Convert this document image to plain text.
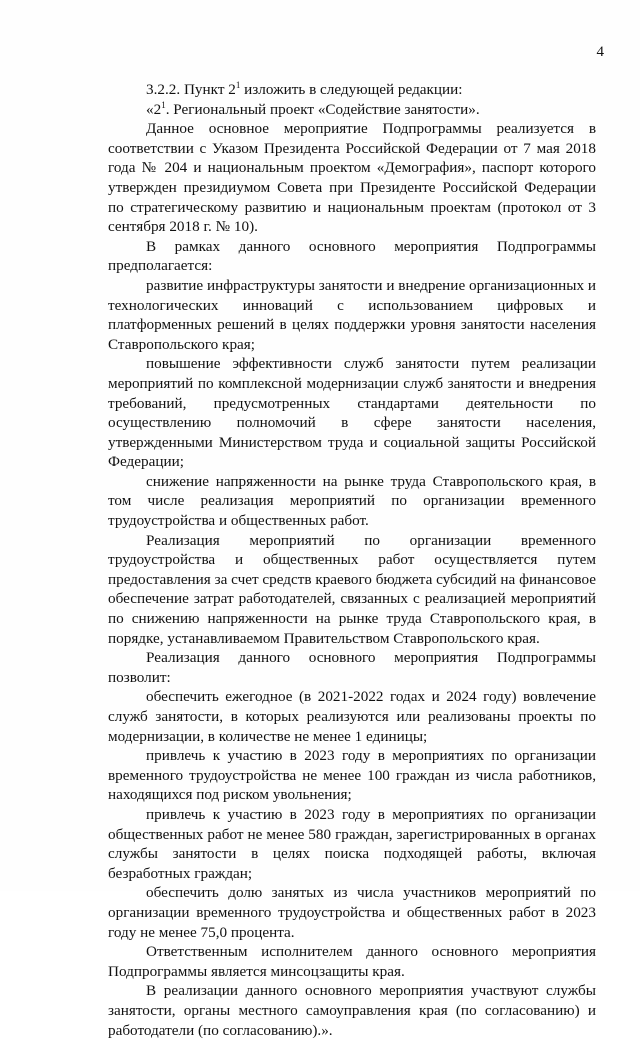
4

3.2.2. Пункт $2^1$ изложить в следующей редакции:

«$2^1$. Региональный проект «Содействие занятости».

Данное основное мероприятие Подпрограммы реализуется в соответствии с Указом Президента Российской Федерации от 7 мая 2018 года № 204 и национальным проектом «Демография», паспорт которого утвержден президиумом Совета при Президенте Российской Федерации по стратегическому развитию и национальным проектам (протокол от 3 сентября 2018 г. № 10).

В рамках данного основного мероприятия Подпрограммы предполагается:

развитие инфраструктуры занятости и внедрение организационных и технологических инноваций с использованием цифровых и платформенных решений в целях поддержки уровня занятости населения Ставропольского края;

повышение эффективности служб занятости путем реализации мероприятий по комплексной модернизации служб занятости и внедрения требований, предусмотренных стандартами деятельности по осуществлению полномочий в сфере занятости населения, утвержденными Министерством труда и социальной защиты Российской Федерации;

снижение напряженности на рынке труда Ставропольского края, в том числе реализация мероприятий по организации временного трудоустройства и общественных работ.

Реализация мероприятий по организации временного трудоустройства и общественных работ осуществляется путем предоставления за счет средств краевого бюджета субсидий на финансовое обеспечение затрат работодателей, связанных с реализацией мероприятий по снижению напряженности на рынке труда Ставропольского края, в порядке, устанавливаемом Правительством Ставропольского края.

Реализация данного основного мероприятия Подпрограммы позволит:

обеспечить ежегодное (в 2021-2022 годах и 2024 году) вовлечение служб занятости, в которых реализуются или реализованы проекты по модернизации, в количестве не менее 1 единицы;

привлечь к участию в 2023 году в мероприятиях по организации временного трудоустройства не менее 100 граждан из числа работников, находящихся под риском увольнения;

привлечь к участию в 2023 году в мероприятиях по организации общественных работ не менее 580 граждан, зарегистрированных в органах службы занятости в целях поиска подходящей работы, включая безработных граждан;

обеспечить долю занятых из числа участников мероприятий по организации временного трудоустройства и общественных работ в 2023 году не менее 75,0 процента.

Ответственным исполнителем данного основного мероприятия Подпрограммы является минсоцзащиты края.

В реализации данного основного мероприятия участвуют службы занятости, органы местного самоуправления края (по согласованию) и работодатели (по согласованию).».
